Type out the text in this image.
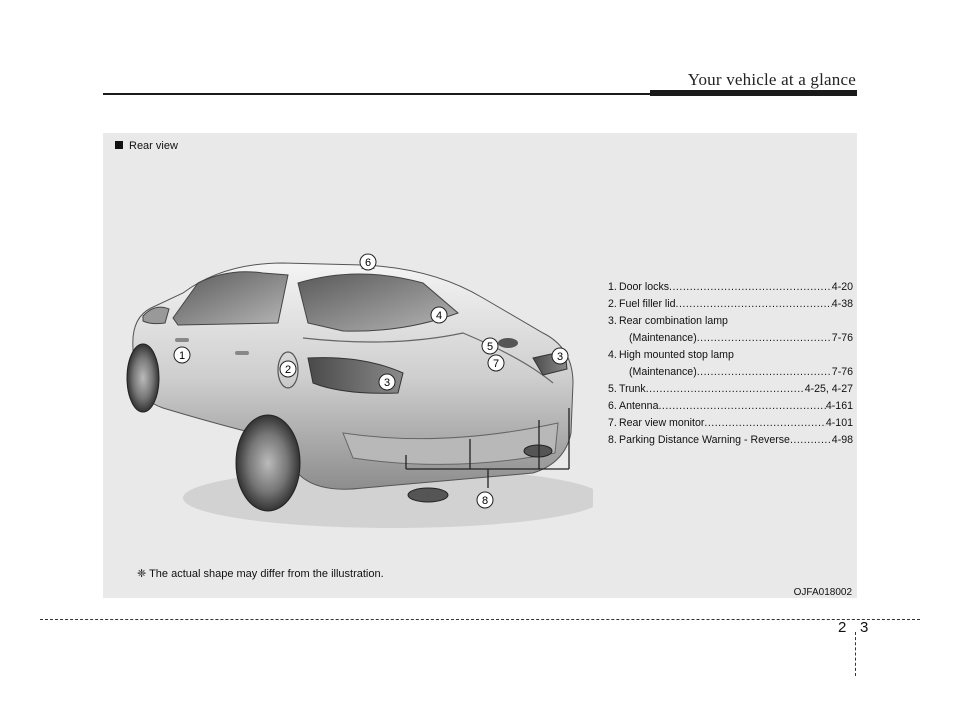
Your vehicle at a glance
Rear view
1
2
3
3
4
5
6
7
8
1. Door locks .....	4-20
2. Fuel filler lid .....	4-38
3. Rear combination lamp
(Maintenance) .....	7-76
4. High mounted stop lamp
(Maintenance) .....	7-76
5. Trunk .....	4-25, 4-27
6. Antenna .....	4-161
7. Rear view monitor .....	4-101
8. Parking Distance Warning - Reverse .....	4-98
❈ The actual shape may differ from the illustration.
OJFA018002
2 3
